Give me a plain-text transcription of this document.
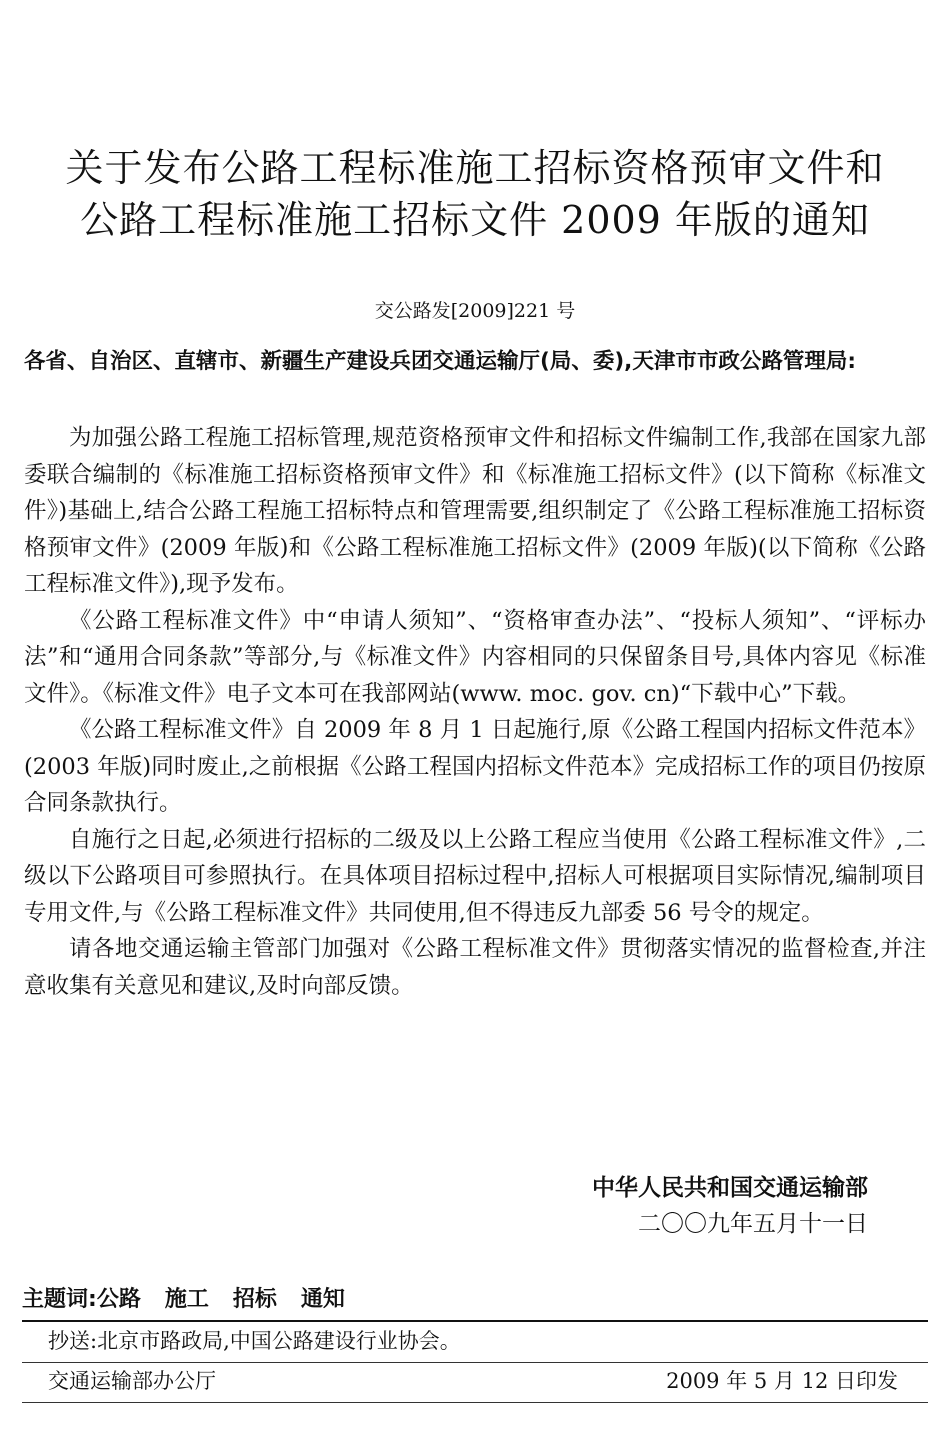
关于发布公路工程标准施工招标资格预审文件和
公路工程标准施工招标文件 2009 年版的通知
交公路发[2009]221 号
各省、自治区、直辖市、新疆生产建设兵团交通运输厅(局、委),天津市市政公路管理局:

为加强公路工程施工招标管理,规范资格预审文件和招标文件编制工作,我部在国家九部委联合编制的《标准施工招标资格预审文件》和《标准施工招标文件》(以下简称《标准文件》)基础上,结合公路工程施工招标特点和管理需要,组织制定了《公路工程标准施工招标资格预审文件》(2009 年版)和《公路工程标准施工招标文件》(2009 年版)(以下简称《公路工程标准文件》),现予发布。

《公路工程标准文件》中“申请人须知”、“资格审查办法”、“投标人须知”、“评标办法”和“通用合同条款”等部分,与《标准文件》内容相同的只保留条目号,具体内容见《标准文件》。《标准文件》电子文本可在我部网站(www. moc. gov. cn)“下载中心”下载。

《公路工程标准文件》自 2009 年 8 月 1 日起施行,原《公路工程国内招标文件范本》(2003 年版)同时废止,之前根据《公路工程国内招标文件范本》完成招标工作的项目仍按原合同条款执行。

自施行之日起,必须进行招标的二级及以上公路工程应当使用《公路工程标准文件》,二级以下公路项目可参照执行。在具体项目招标过程中,招标人可根据项目实际情况,编制项目专用文件,与《公路工程标准文件》共同使用,但不得违反九部委 56 号令的规定。

请各地交通运输主管部门加强对《公路工程标准文件》贯彻落实情况的监督检查,并注意收集有关意见和建议,及时向部反馈。

中华人民共和国交通运输部
二〇〇九年五月十一日
主题词:公路 施工 招标 通知
抄送:北京市路政局,中国公路建设行业协会。
交通运输部办公厅	2009 年 5 月 12 日印发
